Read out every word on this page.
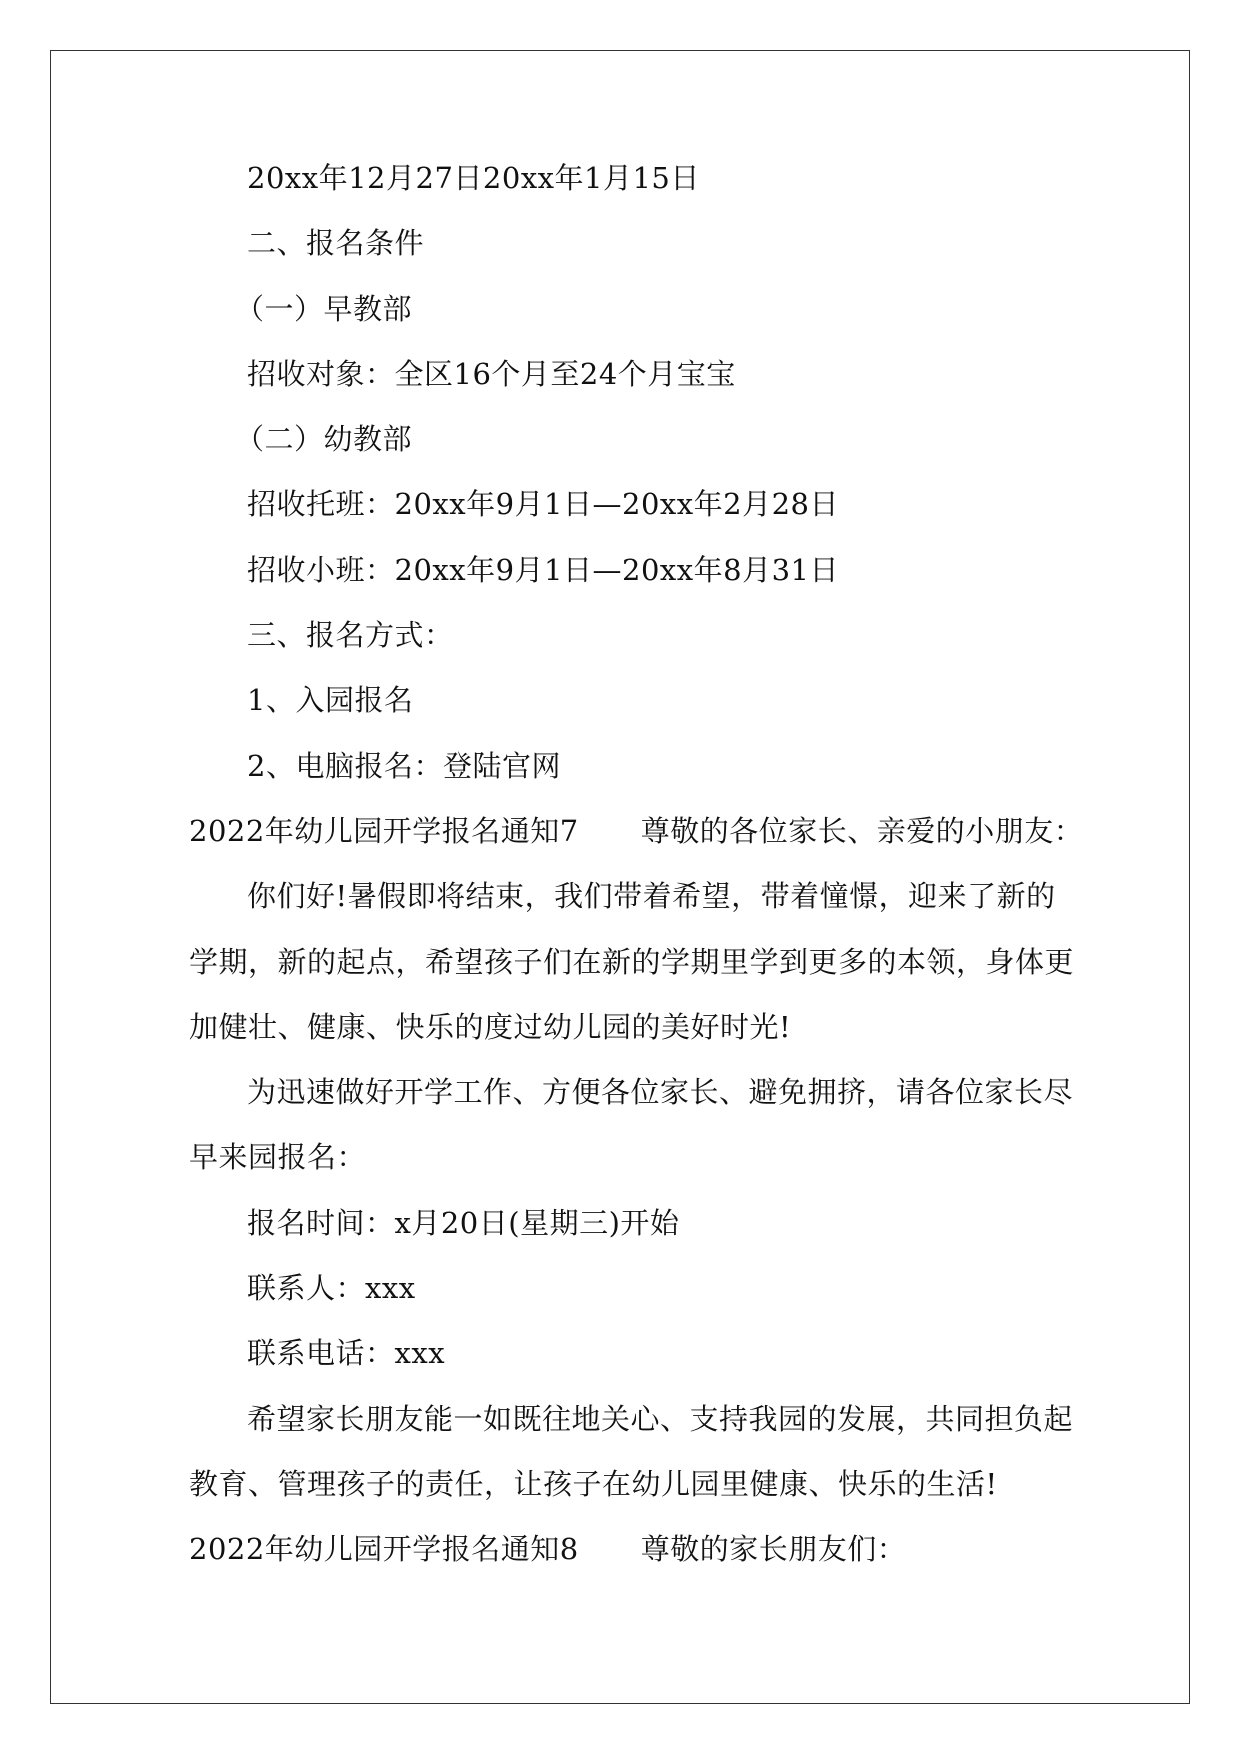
20xx年12月27日20xx年1月15日
二、报名条件
（一）早教部
招收对象：全区16个月至24个月宝宝
（二）幼教部
招收托班：20xx年9月1日—20xx年2月28日
招收小班：20xx年9月1日—20xx年8月31日
三、报名方式：
1、入园报名
2、电脑报名：登陆官网
2022年幼儿园开学报名通知7 尊敬的各位家长、亲爱的小朋友：
你们好!暑假即将结束，我们带着希望，带着憧憬，迎来了新的
学期，新的起点，希望孩子们在新的学期里学到更多的本领，身体更
加健壮、健康、快乐的度过幼儿园的美好时光!
为迅速做好开学工作、方便各位家长、避免拥挤，请各位家长尽
早来园报名：
报名时间：x月20日(星期三)开始
联系人：xxx
联系电话：xxx
希望家长朋友能一如既往地关心、支持我园的发展，共同担负起
教育、管理孩子的责任，让孩子在幼儿园里健康、快乐的生活!
2022年幼儿园开学报名通知8 尊敬的家长朋友们：
